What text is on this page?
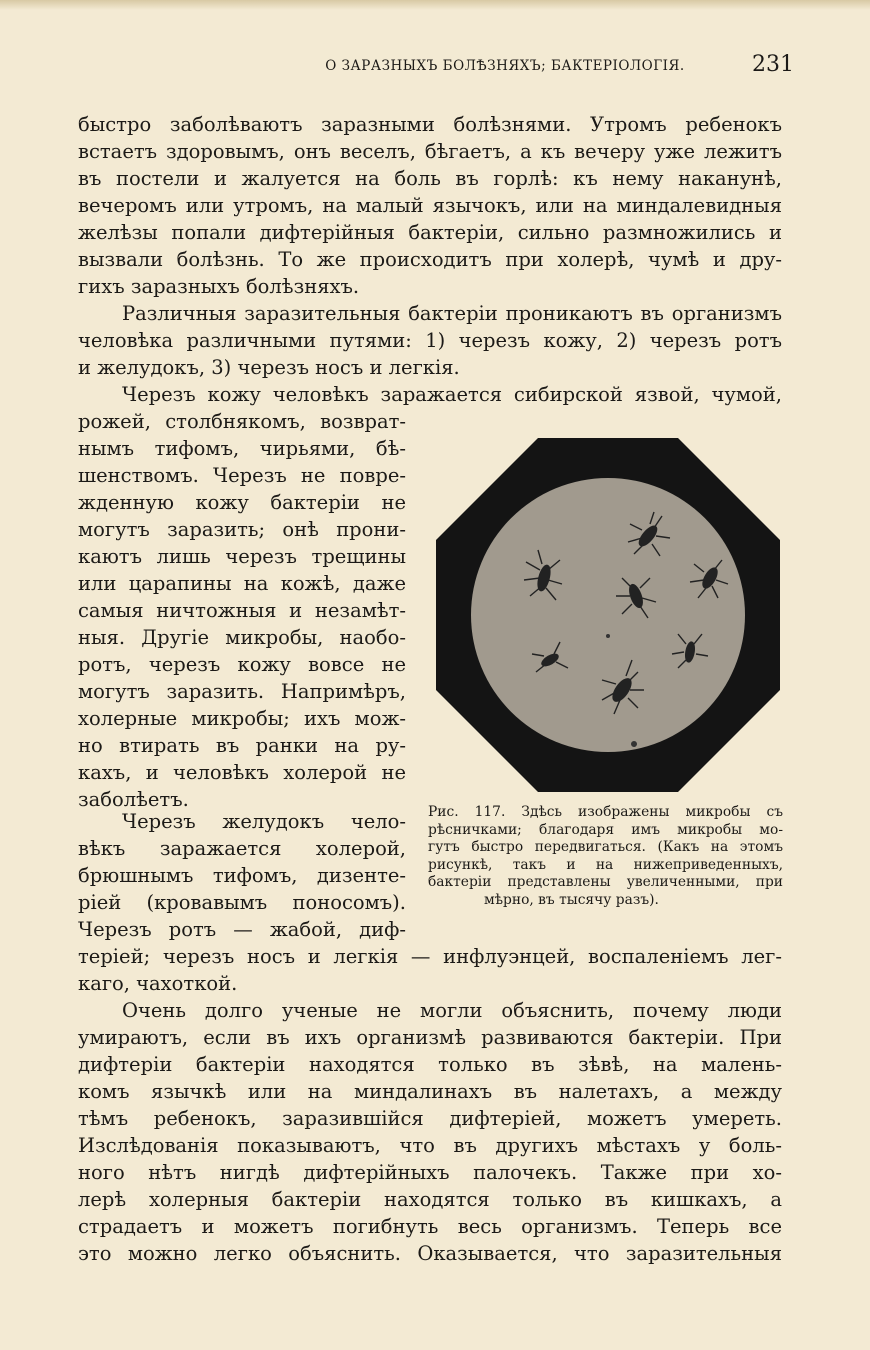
О ЗАРАЗНЫХЪ БОЛѢЗНЯХЪ; БАКТЕРІОЛОГІЯ.	231
быстро заболѣваютъ заразными болѣзнями. Утромъ ребенокъ
встаетъ здоровымъ, онъ веселъ, бѣгаетъ, а къ вечеру уже лежитъ
въ постели и жалуется на боль въ горлѣ: къ нему наканунѣ,
вечеромъ или утромъ, на малый язычокъ, или на миндалевидныя
желѣзы попали дифтерійныя бактеріи, сильно размножились и
вызвали болѣзнь. То же происходитъ при холерѣ, чумѣ и дру-
гихъ заразныхъ болѣзняхъ.
Различныя заразительныя бактеріи проникаютъ въ организмъ
человѣка различными путями: 1) черезъ кожу, 2) черезъ ротъ
и желудокъ, 3) черезъ носъ и легкія.
Черезъ кожу человѣкъ заражается сибирской язвой, чумой,
рожей, столбнякомъ, возврат-
нымъ тифомъ, чирьями, бѣ-
шенствомъ. Черезъ не повре-
жденную кожу бактеріи не
могутъ заразить; онѣ прони-
каютъ лишь черезъ трещины
или царапины на кожѣ, даже
самыя ничтожныя и незамѣт-
ныя. Другіе микробы, наобо-
ротъ, черезъ кожу вовсе не
могутъ заразить. Напримѣръ,
холерные микробы; ихъ мож-
но втирать въ ранки на ру-
кахъ, и человѣкъ холерой не
заболѣетъ.
Черезъ желудокъ чело-
вѣкъ заражается холерой,
брюшнымъ тифомъ, дизенте-
ріей (кровавымъ поносомъ).
Черезъ ротъ — жабой, диф-
теріей; черезъ носъ и легкія — инфлуэнцей, воспаленіемъ лег-
каго, чахоткой.
Очень долго ученые не могли объяснить, почему люди
умираютъ, если въ ихъ организмѣ развиваются бактеріи. При
дифтеріи бактеріи находятся только въ зѣвѣ, на малень-
комъ язычкѣ или на миндалинахъ въ налетахъ, а между
тѣмъ ребенокъ, заразившійся дифтеріей, можетъ умереть.
Изслѣдованія показываютъ, что въ другихъ мѣстахъ у боль-
ного нѣтъ нигдѣ дифтерійныхъ палочекъ. Также при хо-
лерѣ холерныя бактеріи находятся только въ кишкахъ, а
страдаетъ и можетъ погибнуть весь организмъ. Теперь все
это можно легко объяснить. Оказывается, что заразительныя
Рис. 117. Здѣсь изображены микробы съ
рѣсничками; благодаря имъ микробы мо-
гутъ быстро передвигаться. (Какъ на этомъ
рисункѣ, такъ и на нижеприведенныхъ,
бактеріи представлены увеличенными, при
мѣрно, въ тысячу разъ).
